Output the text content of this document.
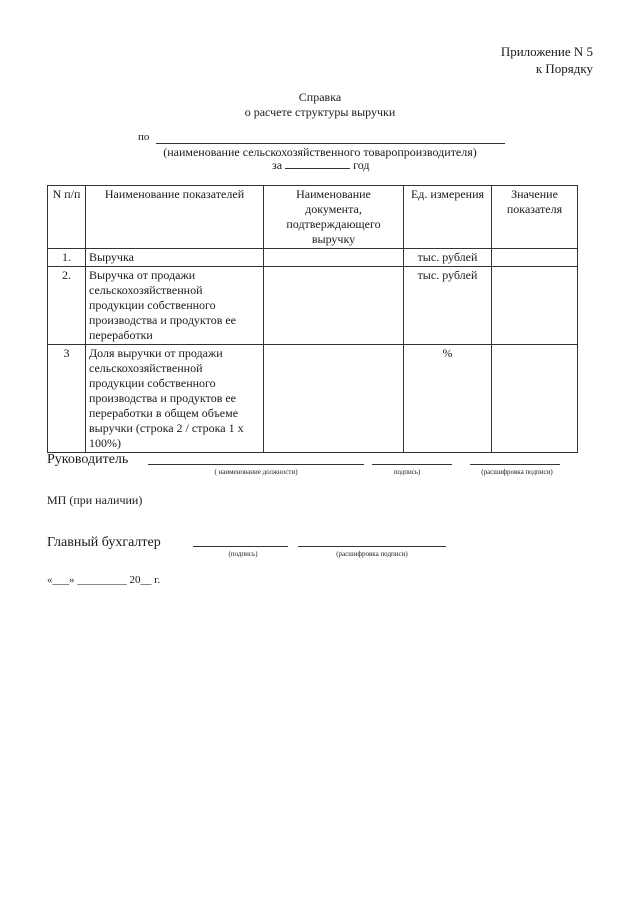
Приложение N 5
к Порядку
Справка
о расчете структуры выручки
по
(наименование сельскохозяйственного товаропроизводителя)
за	год
N п/п	Наименование показателей	Наименование документа, подтверждающего выручку	Ед. измерения	Значение показателя
1.	Выручка		тыс. рублей	
2.	Выручка от продажи сельскохозяйственной продукции собственного производства и продуктов ее переработки		тыс. рублей	
3	Доля выручки от продажи сельскохозяйственной продукции собственного производства и продуктов ее переработки в общем объеме выручки (строка 2 / строка 1 x 100%)		%	
Руководитель
( наименование должности)	подпись)	(расшифровка подписи)
МП (при наличии)
Главный бухгалтер
(подпись)	(расшифровка подписи)
«___» _________ 20__ г.
